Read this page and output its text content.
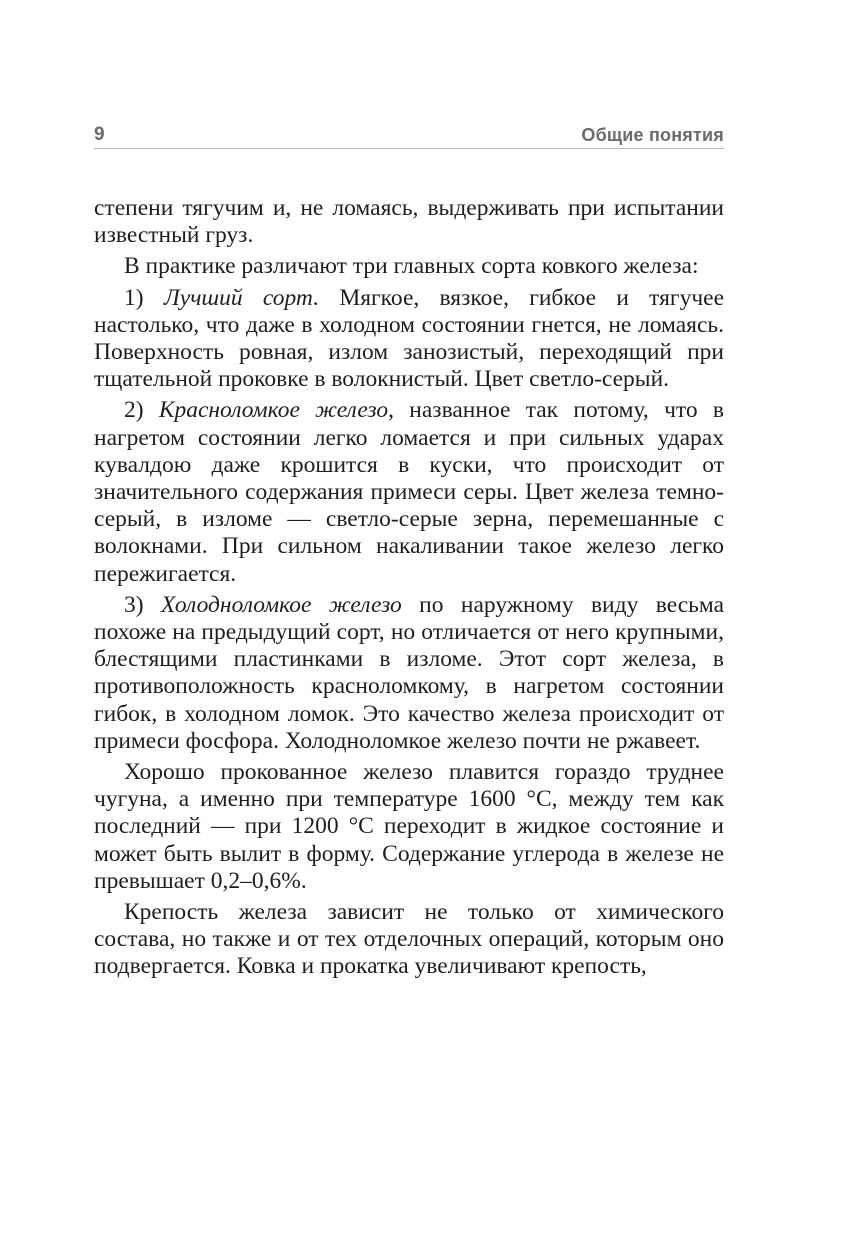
9	Общие понятия

степени тягучим и, не ломаясь, выдерживать при испытании известный груз.

В практике различают три главных сорта ковкого железа:

1) Лучший сорт. Мягкое, вязкое, гибкое и тягучее настолько, что даже в холодном состоянии гнется, не ломаясь. Поверхность ровная, излом занозистый, переходящий при тщательной проковке в волокнистый. Цвет светло-серый.

2) Красноломкое железо, названное так потому, что в нагретом состоянии легко ломается и при сильных ударах кувалдою даже крошится в куски, что происходит от значительного содержания примеси серы. Цвет железа темно-серый, в изломе — светло-серые зерна, перемешанные с волокнами. При сильном накаливании такое железо легко пережигается.

3) Холодноломкое железо по наружному виду весьма похоже на предыдущий сорт, но отличается от него крупными, блестящими пластинками в изломе. Этот сорт железа, в противоположность красноломкому, в нагретом состоянии гибок, в холодном ломок. Это качество железа происходит от примеси фосфора. Холодноломкое железо почти не ржавеет.

Хорошо прокованное железо плавится гораздо труднее чугуна, а именно при температуре 1600 °C, между тем как последний — при 1200 °C переходит в жидкое состояние и может быть вылит в форму. Содержание углерода в железе не превышает 0,2–0,6%.

Крепость железа зависит не только от химического состава, но также и от тех отделочных операций, которым оно подвергается. Ковка и прокатка увеличивают крепость,
